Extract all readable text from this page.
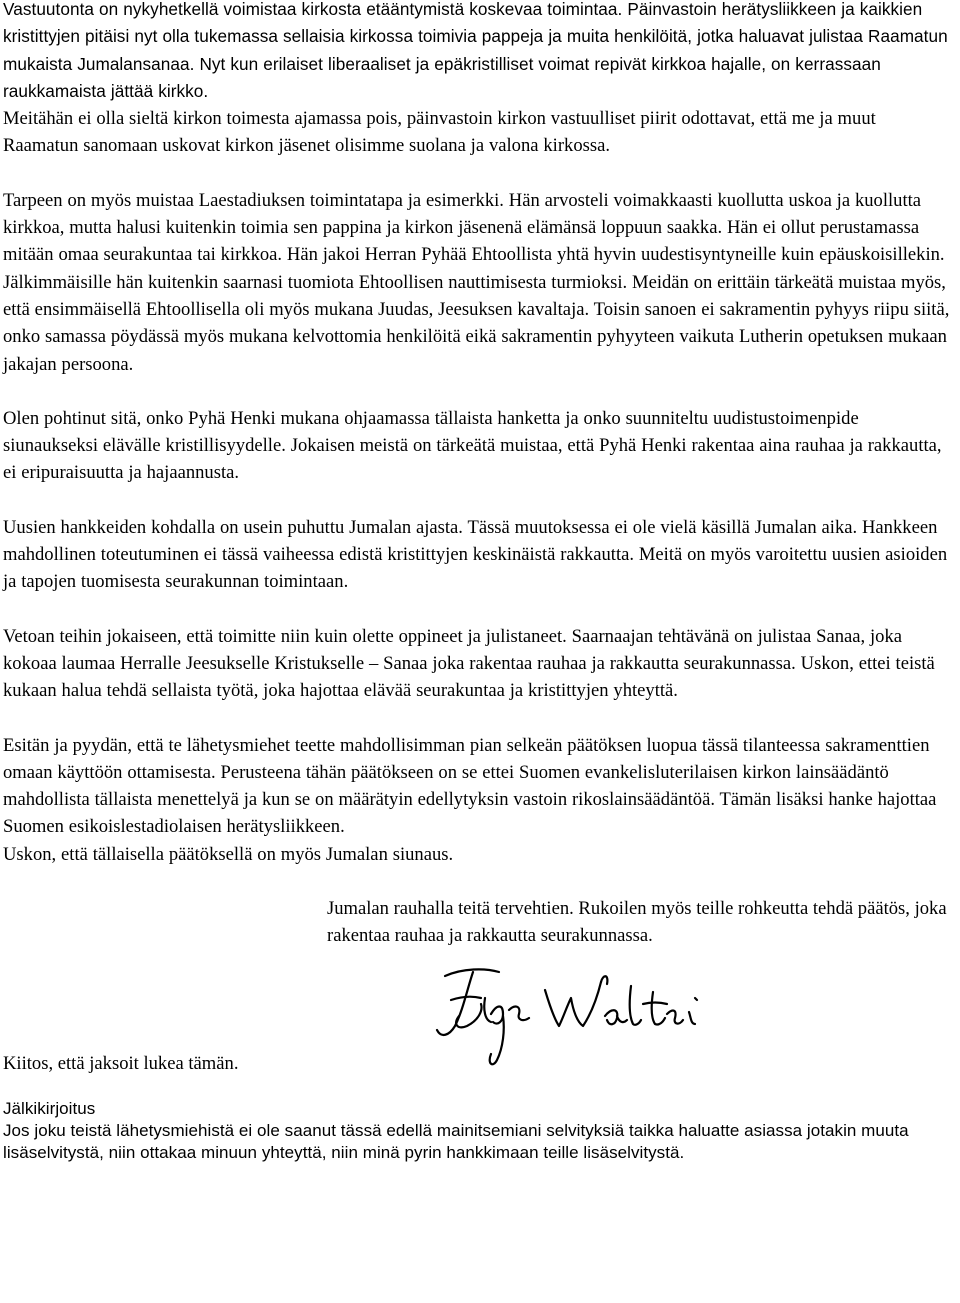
Vastuutonta on nykyhetkellä voimistaa kirkosta etääntymistä koskevaa toimintaa. Päinvastoin herätysliikkeen ja kaikkien kristittyjen pitäisi nyt olla tukemassa sellaisia kirkossa toimivia pappeja ja muita henkilöitä, jotka haluavat julistaa Raamatun mukaista Jumalansanaa. Nyt kun erilaiset liberaaliset ja epäkristilliset voimat repivät kirkkoa hajalle, on kerrassaan raukkamaista jättää kirkko.

Meitähän ei olla sieltä kirkon toimesta ajamassa pois, päinvastoin kirkon vastuulliset piirit odottavat, että me ja muut Raamatun sanomaan uskovat kirkon jäsenet olisimme suolana ja valona kirkossa.

Tarpeen on myös muistaa Laestadiuksen toimintatapa ja esimerkki. Hän arvosteli voimakkaasti kuollutta uskoa ja kuollutta kirkkoa, mutta halusi kuitenkin toimia sen pappina ja kirkon jäsenenä elämänsä loppuun saakka. Hän ei ollut perustamassa mitään omaa seurakuntaa tai kirkkoa. Hän jakoi Herran Pyhää Ehtoollista yhtä hyvin uudestisyntyneille kuin epäuskoisillekin. Jälkimmäisille hän kuitenkin saarnasi tuomiota Ehtoollisen nauttimisesta turmioksi. Meidän on erittäin tärkeätä muistaa myös, että ensimmäisellä Ehtoollisella oli myös mukana Juudas, Jeesuksen kavaltaja. Toisin sanoen ei sakramentin pyhyys riipu siitä, onko samassa pöydässä myös mukana kelvottomia henkilöitä eikä sakramentin pyhyyteen vaikuta Lutherin opetuksen mukaan jakajan persoona.

Olen pohtinut sitä, onko Pyhä Henki mukana ohjaamassa tällaista hanketta ja onko suunniteltu uudistustoimenpide siunaukseksi elävälle kristillisyydelle. Jokaisen meistä on tärkeätä muistaa, että Pyhä Henki rakentaa aina rauhaa ja rakkautta, ei eripuraisuutta ja hajaannusta.

Uusien hankkeiden kohdalla on usein puhuttu Jumalan ajasta. Tässä muutoksessa ei ole vielä käsillä Jumalan aika. Hankkeen mahdollinen toteutuminen ei tässä vaiheessa edistä kristittyjen keskinäistä rakkautta. Meitä on myös varoitettu uusien asioiden ja tapojen tuomisesta seurakunnan toimintaan.

Vetoan teihin jokaiseen, että toimitte niin kuin olette oppineet ja julistaneet. Saarnaajan tehtävänä on julistaa Sanaa, joka kokoaa laumaa Herralle Jeesukselle Kristukselle – Sanaa joka rakentaa rauhaa ja rakkautta seurakunnassa. Uskon, ettei teistä kukaan halua tehdä sellaista työtä, joka hajottaa elävää seurakuntaa ja kristittyjen yhteyttä.

Esitän ja pyydän, että te lähetysmiehet teette mahdollisimman pian selkeän päätöksen luopua tässä tilanteessa sakramenttien omaan käyttöön ottamisesta. Perusteena tähän päätökseen on se ettei Suomen evankelisluterilaisen kirkon lainsäädäntö mahdollista tällaista menettelyä ja kun se on määrätyin edellytyksin vastoin rikoslainsäädäntöä. Tämän lisäksi hanke hajottaa Suomen esikoislestadiolaisen herätysliikkeen.

Uskon, että tällaisella päätöksellä on myös Jumalan siunaus.

Jumalan rauhalla teitä tervehtien. Rukoilen myös teille rohkeutta tehdä päätös, joka rakentaa rauhaa ja rakkautta seurakunnassa.

Kiitos, että jaksoit lukea tämän.

Jälkikirjoitus

Jos joku teistä lähetysmiehistä ei ole saanut tässä edellä mainitsemiani selvityksiä taikka haluatte asiassa jotakin muuta lisäselvitystä, niin ottakaa minuun yhteyttä, niin minä pyrin hankkimaan teille lisäselvitystä.
